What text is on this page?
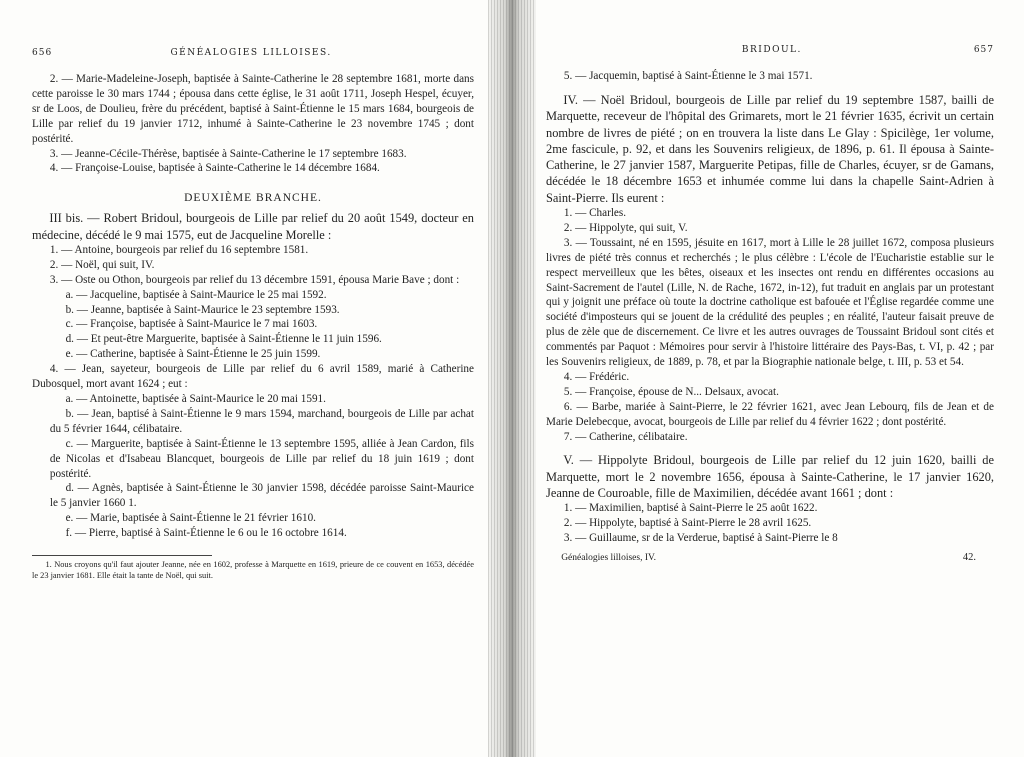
656	GÉNÉALOGIES LILLOISES.

2. — Marie-Madeleine-Joseph, baptisée à Sainte-Catherine le 28 septembre 1681, morte dans cette paroisse le 30 mars 1744 ; épousa dans cette église, le 31 août 1711, Joseph Hespel, écuyer, sr de Loos, de Doulieu, frère du précédent, baptisé à Saint-Étienne le 15 mars 1684, bourgeois de Lille par relief du 19 janvier 1712, inhumé à Sainte-Catherine le 23 novembre 1745 ; dont postérité.

3. — Jeanne-Cécile-Thérèse, baptisée à Sainte-Catherine le 17 septembre 1683.

4. — Françoise-Louise, baptisée à Sainte-Catherine le 14 décembre 1684.

DEUXIÈME BRANCHE.

III bis. — Robert Bridoul, bourgeois de Lille par relief du 20 août 1549, docteur en médecine, décédé le 9 mai 1575, eut de Jacqueline Morelle :

1. — Antoine, bourgeois par relief du 16 septembre 1581.

2. — Noël, qui suit, IV.

3. — Oste ou Othon, bourgeois par relief du 13 décembre 1591, épousa Marie Bave ; dont :

a. — Jacqueline, baptisée à Saint-Maurice le 25 mai 1592.

b. — Jeanne, baptisée à Saint-Maurice le 23 septembre 1593.

c. — Françoise, baptisée à Saint-Maurice le 7 mai 1603.

d. — Et peut-être Marguerite, baptisée à Saint-Étienne le 11 juin 1596.

e. — Catherine, baptisée à Saint-Étienne le 25 juin 1599.

4. — Jean, sayeteur, bourgeois de Lille par relief du 6 avril 1589, marié à Catherine Dubosquel, mort avant 1624 ; eut :

a. — Antoinette, baptisée à Saint-Maurice le 20 mai 1591.

b. — Jean, baptisé à Saint-Étienne le 9 mars 1594, marchand, bourgeois de Lille par achat du 5 février 1644, célibataire.

c. — Marguerite, baptisée à Saint-Étienne le 13 septembre 1595, alliée à Jean Cardon, fils de Nicolas et d'Isabeau Blancquet, bourgeois de Lille par relief du 18 juin 1619 ; dont postérité.

d. — Agnès, baptisée à Saint-Étienne le 30 janvier 1598, décédée paroisse Saint-Maurice le 5 janvier 1660 1.

e. — Marie, baptisée à Saint-Étienne le 21 février 1610.

f. — Pierre, baptisé à Saint-Étienne le 6 ou le 16 octobre 1614.

1. Nous croyons qu'il faut ajouter Jeanne, née en 1602, professe à Marquette en 1619, prieure de ce couvent en 1653, décédée le 23 janvier 1681. Elle était la tante de Noël, qui suit.

BRIDOUL.	657

5. — Jacquemin, baptisé à Saint-Étienne le 3 mai 1571.

IV. — Noël Bridoul, bourgeois de Lille par relief du 19 septembre 1587, bailli de Marquette, receveur de l'hôpital des Grimarets, mort le 21 février 1635, écrivit un certain nombre de livres de piété ; on en trouvera la liste dans Le Glay : Spicilège, 1er volume, 2me fascicule, p. 92, et dans les Souvenirs religieux, de 1896, p. 61. Il épousa à Sainte-Catherine, le 27 janvier 1587, Marguerite Petipas, fille de Charles, écuyer, sr de Gamans, décédée le 18 décembre 1653 et inhumée comme lui dans la chapelle Saint-Adrien à Saint-Pierre. Ils eurent :

1. — Charles.

2. — Hippolyte, qui suit, V.

3. — Toussaint, né en 1595, jésuite en 1617, mort à Lille le 28 juillet 1672, composa plusieurs livres de piété très connus et recherchés ; le plus célèbre : L'école de l'Eucharistie establie sur le respect merveilleux que les bêtes, oiseaux et les insectes ont rendu en différentes occasions au Saint-Sacrement de l'autel (Lille, N. de Rache, 1672, in-12), fut traduit en anglais par un protestant qui y joignit une préface où toute la doctrine catholique est bafouée et l'Église regardée comme une société d'imposteurs qui se jouent de la crédulité des peuples ; en réalité, l'auteur faisait preuve de plus de zèle que de discernement. Ce livre et les autres ouvrages de Toussaint Bridoul sont cités et commentés par Paquot : Mémoires pour servir à l'histoire littéraire des Pays-Bas, t. VI, p. 42 ; par les Souvenirs religieux, de 1889, p. 78, et par la Biographie nationale belge, t. III, p. 53 et 54.

4. — Frédéric.

5. — Françoise, épouse de N... Delsaux, avocat.

6. — Barbe, mariée à Saint-Pierre, le 22 février 1621, avec Jean Lebourq, fils de Jean et de Marie Delebecque, avocat, bourgeois de Lille par relief du 4 février 1622 ; dont postérité.

7. — Catherine, célibataire.

V. — Hippolyte Bridoul, bourgeois de Lille par relief du 12 juin 1620, bailli de Marquette, mort le 2 novembre 1656, épousa à Sainte-Catherine, le 17 janvier 1620, Jeanne de Couroable, fille de Maximilien, décédée avant 1661 ; dont :

1. — Maximilien, baptisé à Saint-Pierre le 25 août 1622.

2. — Hippolyte, baptisé à Saint-Pierre le 28 avril 1625.

3. — Guillaume, sr de la Verderue, baptisé à Saint-Pierre le 8

Généalogies lilloises, IV.	42.
